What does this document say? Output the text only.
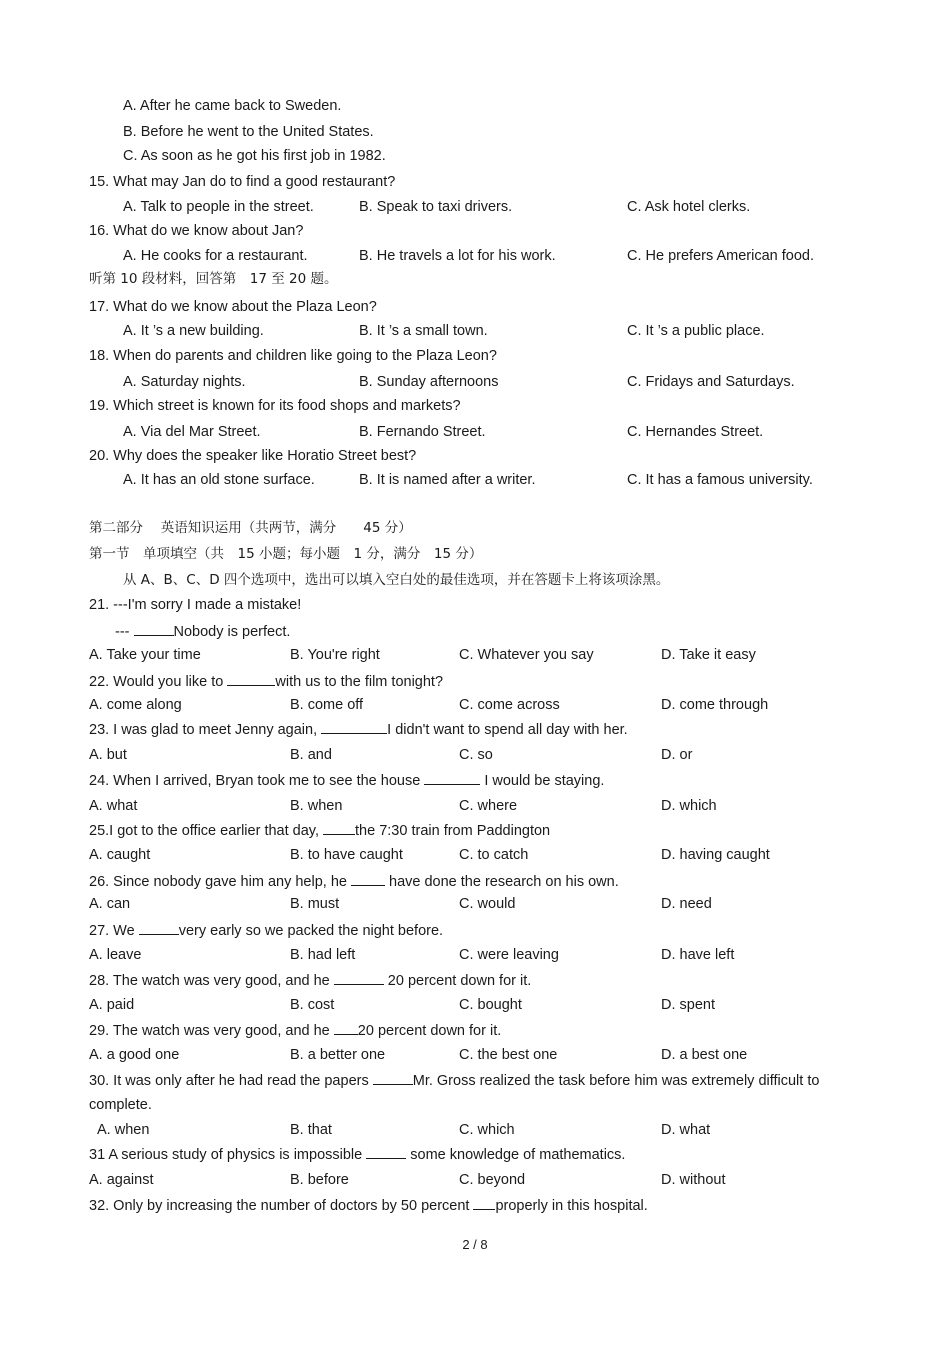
A. After he came back to Sweden.
B. Before he went to the United States.
C. As soon as he got his first job in 1982.
15. What may Jan do to find a good restaurant?
A. Talk to people in the street.	B. Speak to taxi drivers.	C. Ask hotel clerks.
16. What do we know about Jan?
A. He cooks for a restaurant.	B. He travels a lot for his work.	C. He prefers American food.
听第 10 段材料，回答第　17 至 20 题。
17. What do we know about the Plaza Leon?
A. It ’s a new building.	B. It ’s a small town.	C. It ’s a public place.
18. When do parents and children like going to the Plaza Leon?
A. Saturday nights.	B. Sunday afternoons	C. Fridays and Saturdays.
19. Which street is known for its food shops and markets?
A. Via del Mar Street.	B. Fernando Street.	C. Hernandes Street.
20. Why does the speaker like Horatio Street best?
A. It has an old stone surface.	B. It is named after a writer.	C. It has a famous university.
第二部分　 英语知识运用（共两节，满分　　45 分）
第一节　单项填空（共　15 小题；每小题　1 分，满分　15 分）
从 A、B、C、D 四个选项中，选出可以填入空白处的最佳选项，并在答题卡上将该项涂黑。
21. ---I'm sorry I made a mistake!
---	Nobody is perfect.
A. Take your time	B. You're right	C. Whatever you say	D. Take it easy
22. Would you like to	with us to the film tonight?
A. come along	B. come off	C. come across	D. come through
23. I was glad to meet Jenny again,	I didn't want to spend all day with her.
A. but	B. and	C. so	D. or
24. When I arrived, Bryan took me to see the house	I would be staying.
A. what	B. when	C. where	D. which
25.I got to the office earlier that day, the 7:30 train from Paddington
A. caught	B. to have caught	C. to catch	D. having caught
26. Since nobody gave him any help, he  have done the research on his own.
A. can	B. must	C. would	D. need
27. We	very early so we packed the night before.
A. leave	B. had left	C. were leaving	D. have left
28. The watch was very good, and he	20 percent down for it.
A. paid	B. cost	C. bought	D. spent
29. The watch was very good, and he 20 percent down for it.
A. a good one	B. a better one	C. the best one	D. a best one
30. It was only after he had read the papers	Mr. Gross realized the task before him was extremely difficult to
complete.
A. when	B. that	C. which	D. what
31 A serious study of physics is impossible	some knowledge of mathematics.
A. against	B. before	C. beyond	D. without
32. Only by increasing the number of doctors by 50 percent properly in this hospital.
2 / 8
